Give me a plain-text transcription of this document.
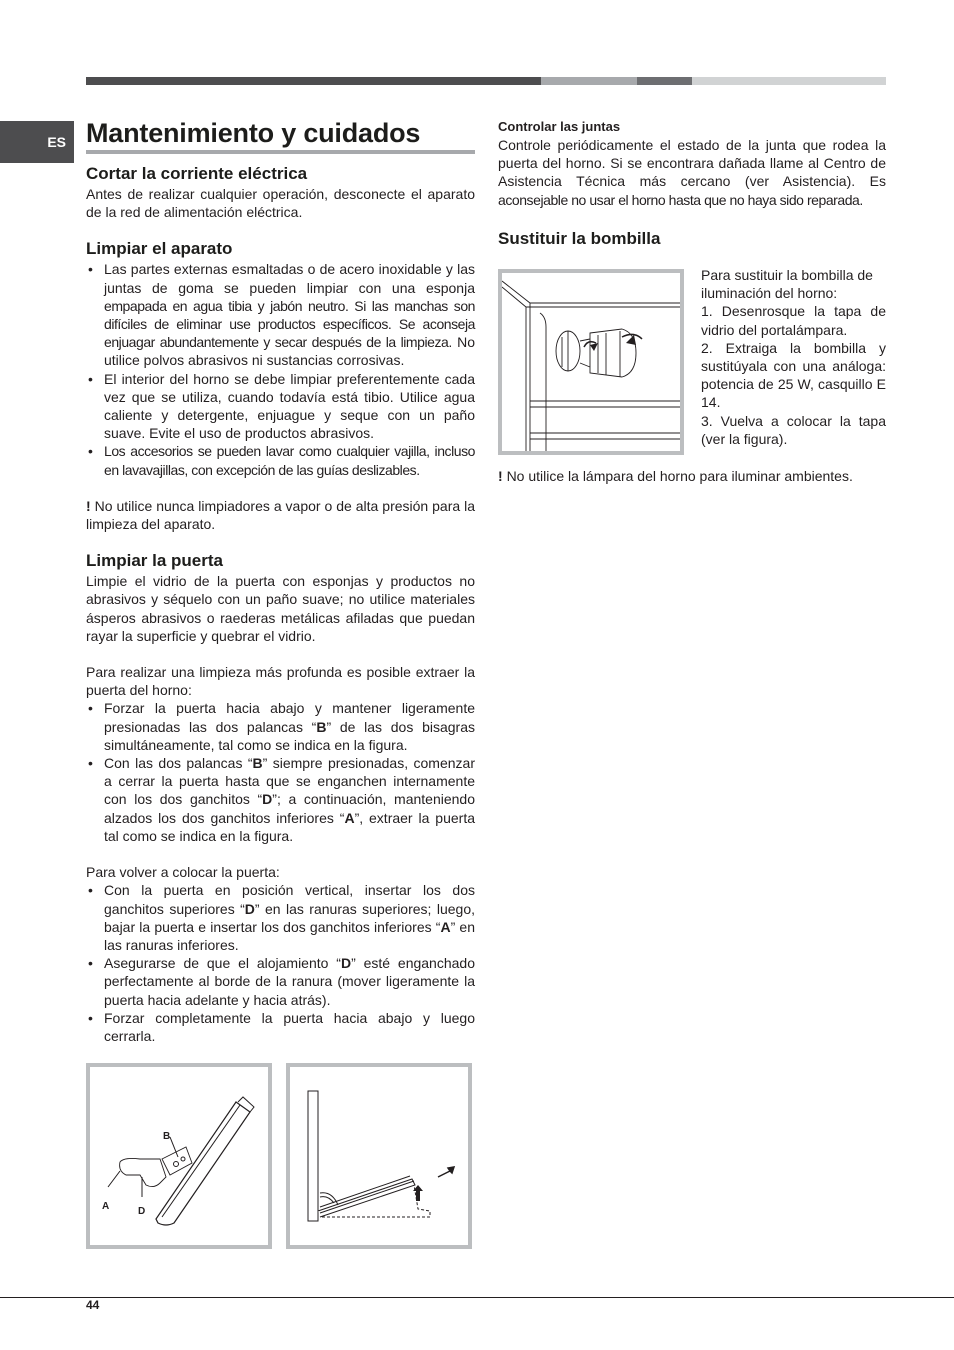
ES Mantenimiento y cuidados
Cortar la corriente eléctrica

Antes de realizar cualquier operación, desconecte el aparato de la red de alimentación eléctrica.

Limpiar el aparato
• Las partes externas esmaltadas o de acero inoxidable y las juntas de goma se pueden limpiar con una esponja empapada en agua tibia y jabón neutro. Si las manchas son difíciles de eliminar use productos específicos. Se aconseja enjuagar abundantemente y secar después de la limpieza. No utilice polvos abrasivos ni sustancias corrosivas.
• El interior del horno se debe limpiar preferentemente cada vez que se utiliza, cuando todavía está tibio. Utilice agua caliente y detergente, enjuague y seque con un paño suave. Evite el uso de productos abrasivos.
• Los accesorios se pueden lavar como cualquier vajilla, incluso en lavavajillas, con excepción de las guías deslizables.

! No utilice nunca limpiadores a vapor o de alta presión para la limpieza del aparato.

Limpiar la puerta

Limpie el vidrio de la puerta con esponjas y productos no abrasivos y séquelo con un paño suave; no utilice materiales ásperos abrasivos o raederas metálicas afiladas que puedan rayar la superficie y quebrar el vidrio.

Para realizar una limpieza más profunda es posible extraer la puerta del horno:

• Forzar la puerta hacia abajo y mantener ligeramente presionadas las dos palancas “B” de las dos bisagras simultáneamente, tal como se indica en la figura.
• Con las dos palancas “B” siempre presionadas, comenzar a cerrar la puerta hasta que se enganchen internamente con los dos ganchitos “D”; a continuación, manteniendo alzados los dos ganchitos inferiores “A”, extraer la puerta tal como se indica en la figura.

Para volver a colocar la puerta:

• Con la puerta en posición vertical, insertar los dos ganchitos superiores “D” en las ranuras superiores; luego, bajar la puerta e insertar los dos ganchitos inferiores “A” en las ranuras inferiores.
• Asegurarse de que el alojamiento “D” esté enganchado perfectamente al borde de la ranura (mover ligeramente la puerta hacia adelante y hacia atrás).
• Forzar completamente la puerta hacia abajo y luego cerrarla.
B
A	D
Controlar las juntas

Controle periódicamente el estado de la junta que rodea la puerta del horno. Si se encontrara dañada llame al Centro de Asistencia Técnica más cercano (ver Asistencia). Es aconsejable no usar el horno hasta que no haya sido reparada.

Sustituir la bombilla
Para sustituir la bombilla de iluminación del horno:
1. Desenrosque la tapa de vidrio del portalámpara.
2. Extraiga la bombilla y sustitúyala con una análoga: potencia de 25 W, casquillo E 14.
3. Vuelva a colocar la tapa (ver la figura).
! No utilice la lámpara del horno para iluminar ambientes.
44
